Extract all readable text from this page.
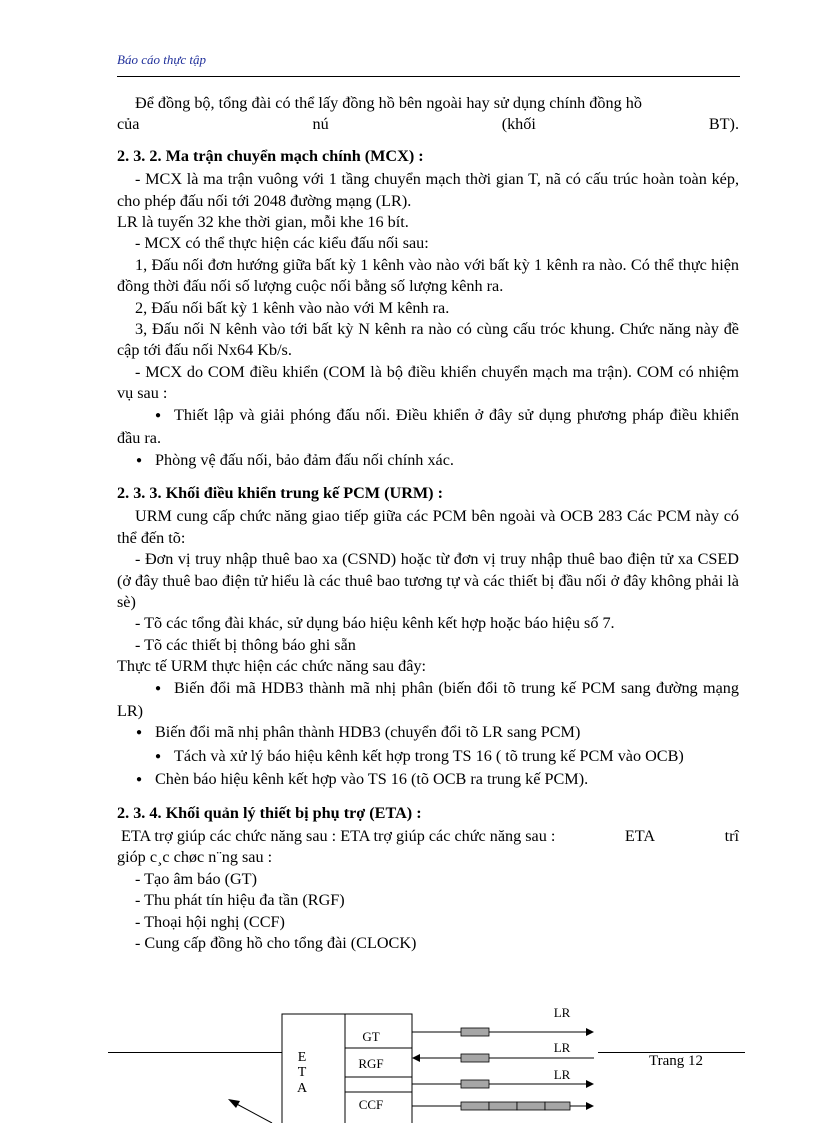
Báo cáo thực tập

Để đồng bộ, tổng đài có thể lấy đồng hồ bên ngoài hay sử dụng chính đồng hồ

của	nú	(khối	BT).

2. 3. 2. Ma trận chuyển mạch chính (MCX) :

- MCX là ma trận vuông với 1 tầng chuyển mạch thời gian T, nã có cấu trúc hoàn toàn kép, cho phép đấu nối tới 2048 đường mạng (LR).

LR là tuyến 32 khe thời gian, mỗi khe 16 bít.

- MCX có thể thực hiện các kiểu đấu nối sau:

1, Đấu nối đơn hướng giữa bất kỳ 1 kênh vào nào với bất kỳ 1 kênh ra nào. Có thể thực hiện đồng thời đấu nối số lượng cuộc nối bằng số lượng kênh ra.

2, Đấu nối bất kỳ 1 kênh vào nào với M kênh ra.

3, Đấu nối N kênh vào tới bất kỳ N kênh ra nào có cùng cấu tróc khung. Chức năng này đề cập tới đấu nối Nx64 Kb/s.

- MCX do COM điều khiển (COM là bộ điều khiển chuyển mạch ma trận). COM có nhiệm vụ sau :

● Thiết lập và giải phóng đấu nối. Điều khiển ở đây sử dụng phương pháp điều khiển đầu ra.

● Phòng vệ đấu nối, bảo đảm đấu nối chính xác.

2. 3. 3. Khối điều khiển trung kế PCM (URM) :

URM cung cấp chức năng giao tiếp giữa các PCM bên ngoài và OCB 283 Các PCM này có thể đến tõ:

- Đơn vị truy nhập thuê bao xa (CSND) hoặc từ đơn vị truy nhập thuê bao điện tử xa CSED (ở đây thuê bao điện tử hiểu là các thuê bao tương tự và các thiết bị đầu nối ở đây không phải là sè)

- Tõ các tổng đài khác, sử dụng báo hiệu kênh kết hợp hoặc báo hiệu số 7.

- Tõ các thiết bị thông báo ghi sẵn

Thực tế URM thực hiện các chức năng sau đây:

● Biến đổi mã HDB3 thành mã nhị phân (biến đổi tõ trung kế PCM sang đường mạng LR)

● Biến đổi mã nhị phân thành HDB3 (chuyển đổi tõ LR sang PCM)

● Tách và xử lý báo hiệu kênh kết hợp trong TS 16 ( tõ trung kế PCM vào OCB)

● Chèn báo hiệu kênh kết hợp vào TS 16 (tõ OCB ra trung kế PCM).

2. 3. 4. Khối quản lý thiết bị phụ trợ (ETA) :

ETA trợ giúp các chức năng sau : ETA trợ giúp các chức năng sau :	ETA	trî

gióp c¸c chøc n¨ng sau :

- Tạo âm báo (GT)

- Thu phát tín hiệu đa tần (RGF)

- Thoại hội nghị (CCF)

- Cung cấp đồng hồ cho tổng đài (CLOCK)

E
T
A
GT
RGF
CCF
LR
LR
LR
Trang 12
